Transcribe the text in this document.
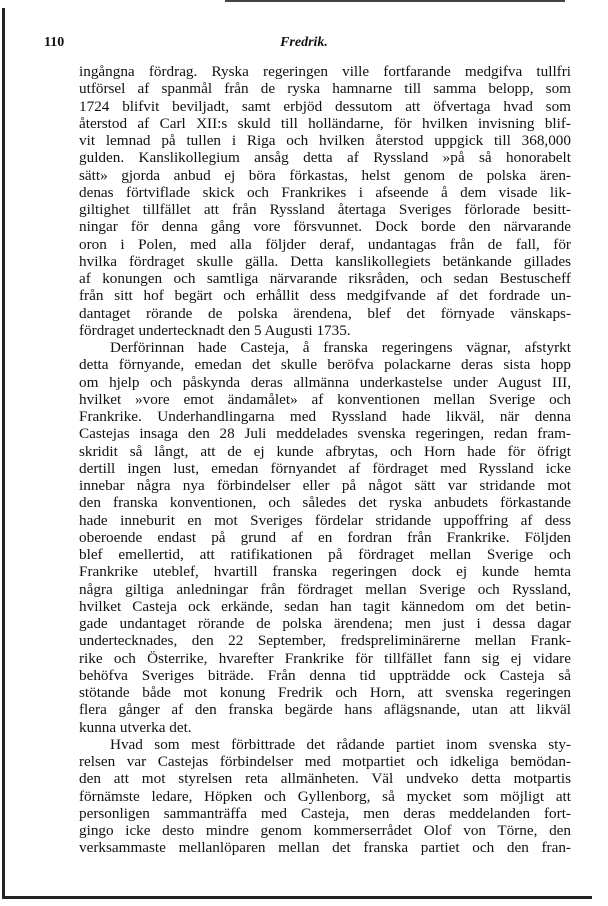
110	Fredrik.
ingångna fördrag. Ryska regeringen ville fortfarande medgifva tullfri
utförsel af spanmål från de ryska hamnarne till samma belopp, som
1724 blifvit beviljadt, samt erbjöd dessutom att öfvertaga hvad som
återstod af Carl XII:s skuld till holländarne, för hvilken invisning blif-
vit lemnad på tullen i Riga och hvilken återstod uppgick till 368,000
gulden. Kanslikollegium ansåg detta af Ryssland »på så honorabelt
sätt» gjorda anbud ej böra förkastas, helst genom de polska ären-
denas förtviflade skick och Frankrikes i afseende å dem visade lik-
giltighet tillfället att från Ryssland återtaga Sveriges förlorade besitt-
ningar för denna gång vore försvunnet. Dock borde den närvarande
oron i Polen, med alla följder deraf, undantagas från de fall, för
hvilka fördraget skulle gälla. Detta kanslikollegiets betänkande gillades
af konungen och samtliga närvarande riksråden, och sedan Bestuscheff
från sitt hof begärt och erhållit dess medgifvande af det fordrade un-
dantaget rörande de polska ärendena, blef det förnyade vänskaps-
fördraget undertecknadt den 5 Augusti 1735.
Derförinnan hade Casteja, å franska regeringens vägnar, afstyrkt
detta förnyande, emedan det skulle beröfva polackarne deras sista hopp
om hjelp och påskynda deras allmänna underkastelse under August III,
hvilket »vore emot ändamålet» af konventionen mellan Sverige och
Frankrike. Underhandlingarna med Ryssland hade likväl, när denna
Castejas insaga den 28 Juli meddelades svenska regeringen, redan fram-
skridit så långt, att de ej kunde afbrytas, och Horn hade för öfrigt
dertill ingen lust, emedan förnyandet af fördraget med Ryssland icke
innebar några nya förbindelser eller på något sätt var stridande mot
den franska konventionen, och således det ryska anbudets förkastande
hade inneburit en mot Sveriges fördelar stridande uppoffring af dess
oberoende endast på grund af en fordran från Frankrike. Följden
blef emellertid, att ratifikationen på fördraget mellan Sverige och
Frankrike uteblef, hvartill franska regeringen dock ej kunde hemta
några giltiga anledningar från fördraget mellan Sverige och Ryssland,
hvilket Casteja ock erkände, sedan han tagit kännedom om det betin-
gade undantaget rörande de polska ärendena; men just i dessa dagar
undertecknades, den 22 September, fredspreliminärerne mellan Frank-
rike och Österrike, hvarefter Frankrike för tillfället fann sig ej vidare
behöfva Sveriges biträde. Från denna tid uppträdde ock Casteja så
stötande både mot konung Fredrik och Horn, att svenska regeringen
flera gånger af den franska begärde hans aflägsnande, utan att likväl
kunna utverka det.
Hvad som mest förbittrade det rådande partiet inom svenska sty-
relsen var Castejas förbindelser med motpartiet och idkeliga bemödan-
den att mot styrelsen reta allmänheten. Väl undveko detta motpartis
förnämste ledare, Höpken och Gyllenborg, så mycket som möjligt att
personligen sammanträffa med Casteja, men deras meddelanden fort-
gingo icke desto mindre genom kommerserrådet Olof von Törne, den
verksammaste mellanlöparen mellan det franska partiet och den fran-
